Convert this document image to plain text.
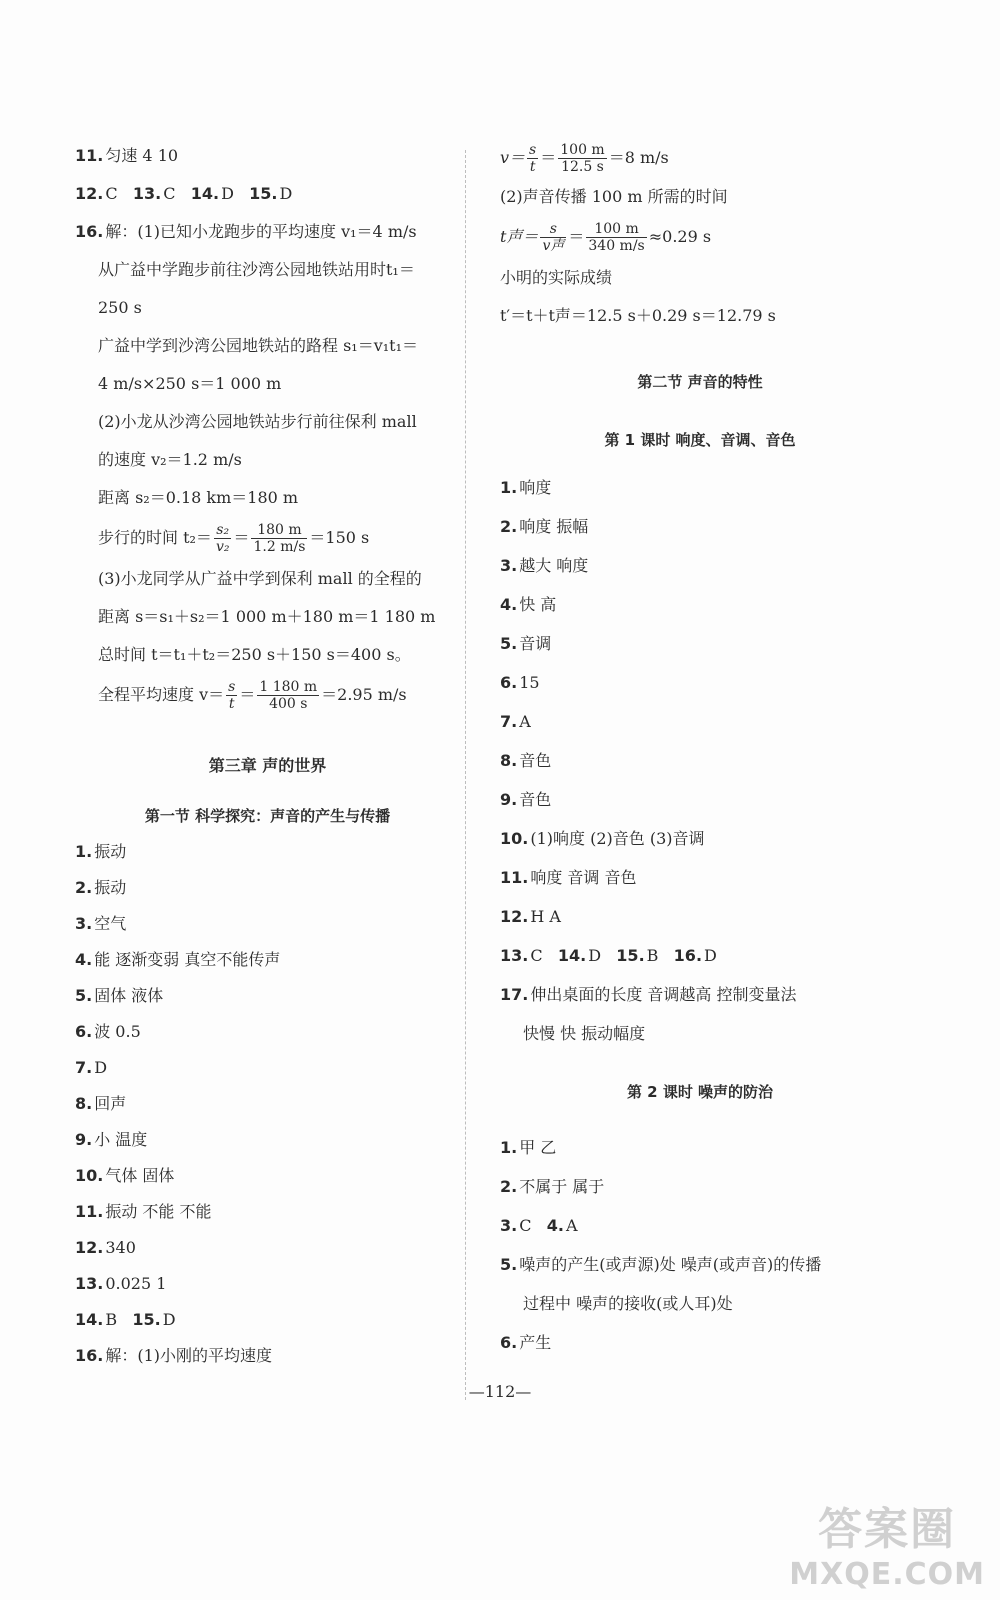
11. 匀速 4 10

12. C 13. C 14. D 15. D

16. 解：(1)已知小龙跑步的平均速度 v₁＝4 m/s

从广益中学跑步前往沙湾公园地铁站用时t₁＝

250 s

广益中学到沙湾公园地铁站的路程 s₁＝v₁t₁＝

4 m/s×250 s＝1 000 m

(2)小龙从沙湾公园地铁站步行前往保利 mall

的速度 v₂＝1.2 m/s

距离 s₂＝0.18 km＝180 m

步行的时间 $t_2= \frac{\text{s₂}}{\text{v₂}} = \frac{180 m}{1.2 m/s} =150$ s

(3)小龙同学从广益中学到保利 mall 的全程的

距离 s＝s₁＋s₂＝1 000 m＋180 m＝1 180 m

总时间 t＝t₁＋t₂＝250 s＋150 s＝400 s。

全程平均速度 $v= \frac{s}{t} = \frac{1 180 m}{400 s} =2.95$ m/s

第三章 声的世界

第一节 科学探究：声音的产生与传播

1. 振动

2. 振动

3. 空气

4. 能 逐渐变弱 真空不能传声

5. 固体 液体

6. 波 0.5

7. D

8. 回声

9. 小 温度

10. 气体 固体

11. 振动 不能 不能

12. 340

13. 0.025 1

14. B 15. D

16. 解：(1)小刚的平均速度

$v= \frac{s}{t} = \frac{100 m}{12.5 s} =8$ m/s

(2)声音传播 100 m 所需的时间

t声＝ $\frac{s}{\text{v声}} = \frac{100 m}{340 m/s} \approx 0.29$ s

小明的实际成绩

t′＝t＋t声＝12.5 s＋0.29 s＝12.79 s

第二节 声音的特性

第 1 课时 响度、音调、音色

1. 响度

2. 响度 振幅

3. 越大 响度

4. 快 高

5. 音调

6. 15

7. A

8. 音色

9. 音色

10. (1)响度 (2)音色 (3)音调

11. 响度 音调 音色

12. H A

13. C 14. D 15. B 16. D

17. 伸出桌面的长度 音调越高 控制变量法

快慢 快 振动幅度

第 2 课时 噪声的防治

1. 甲 乙

2. 不属于 属于

3. C 4. A

5. 噪声的产生(或声源)处 噪声(或声音)的传播

过程中 噪声的接收(或人耳)处

6. 产生

—112—
答案圈
MXQE.COM
